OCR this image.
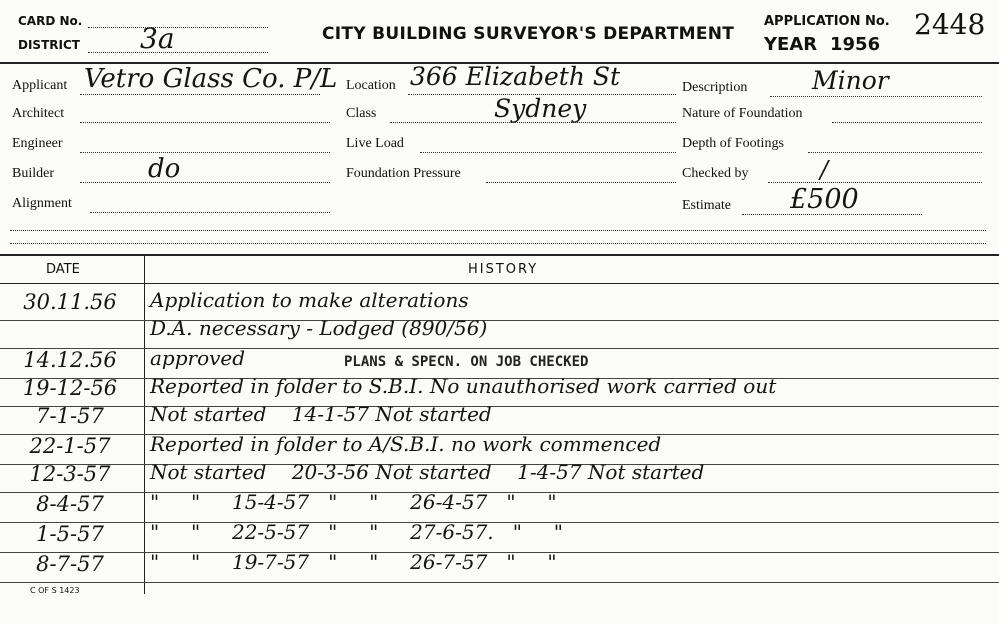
CARD No.
DISTRICT 3a	CITY BUILDING SURVEYOR'S DEPARTMENT
APPLICATION No. 2448
YEAR 1956
Applicant Vetro Glass Co. P/L
Architect
Engineer
Builder	do
Alignment
Location 366 Elizabeth St
Class	Sydney
Live Load
Foundation Pressure
Description	Minor
Nature of Foundation
Depth of Footings
Checked by	/
Estimate £500
DATE	HISTORY
30.11.56	Application to make alterations
D.A. necessary - Lodged (890/56)
14.12.56	approved	PLANS & SPECN. ON JOB CHECKED
19-12-56	Reported in folder to S.B.I. No unauthorised work carried out
7-1-57	Not started    14-1-57 Not started
22-1-57	Reported in folder to A/S.B.I. no work commenced
12-3-57	Not started    20-3-56 Not started    1-4-57 Not started
8-4-57	"     "     15-4-57   "     "     26-4-57   "     "
1-5-57	"     "     22-5-57   "     "     27-6-57.   "     "
8-7-57	"     "     19-7-57   "     "     26-7-57   "     "
C OF S 1423
